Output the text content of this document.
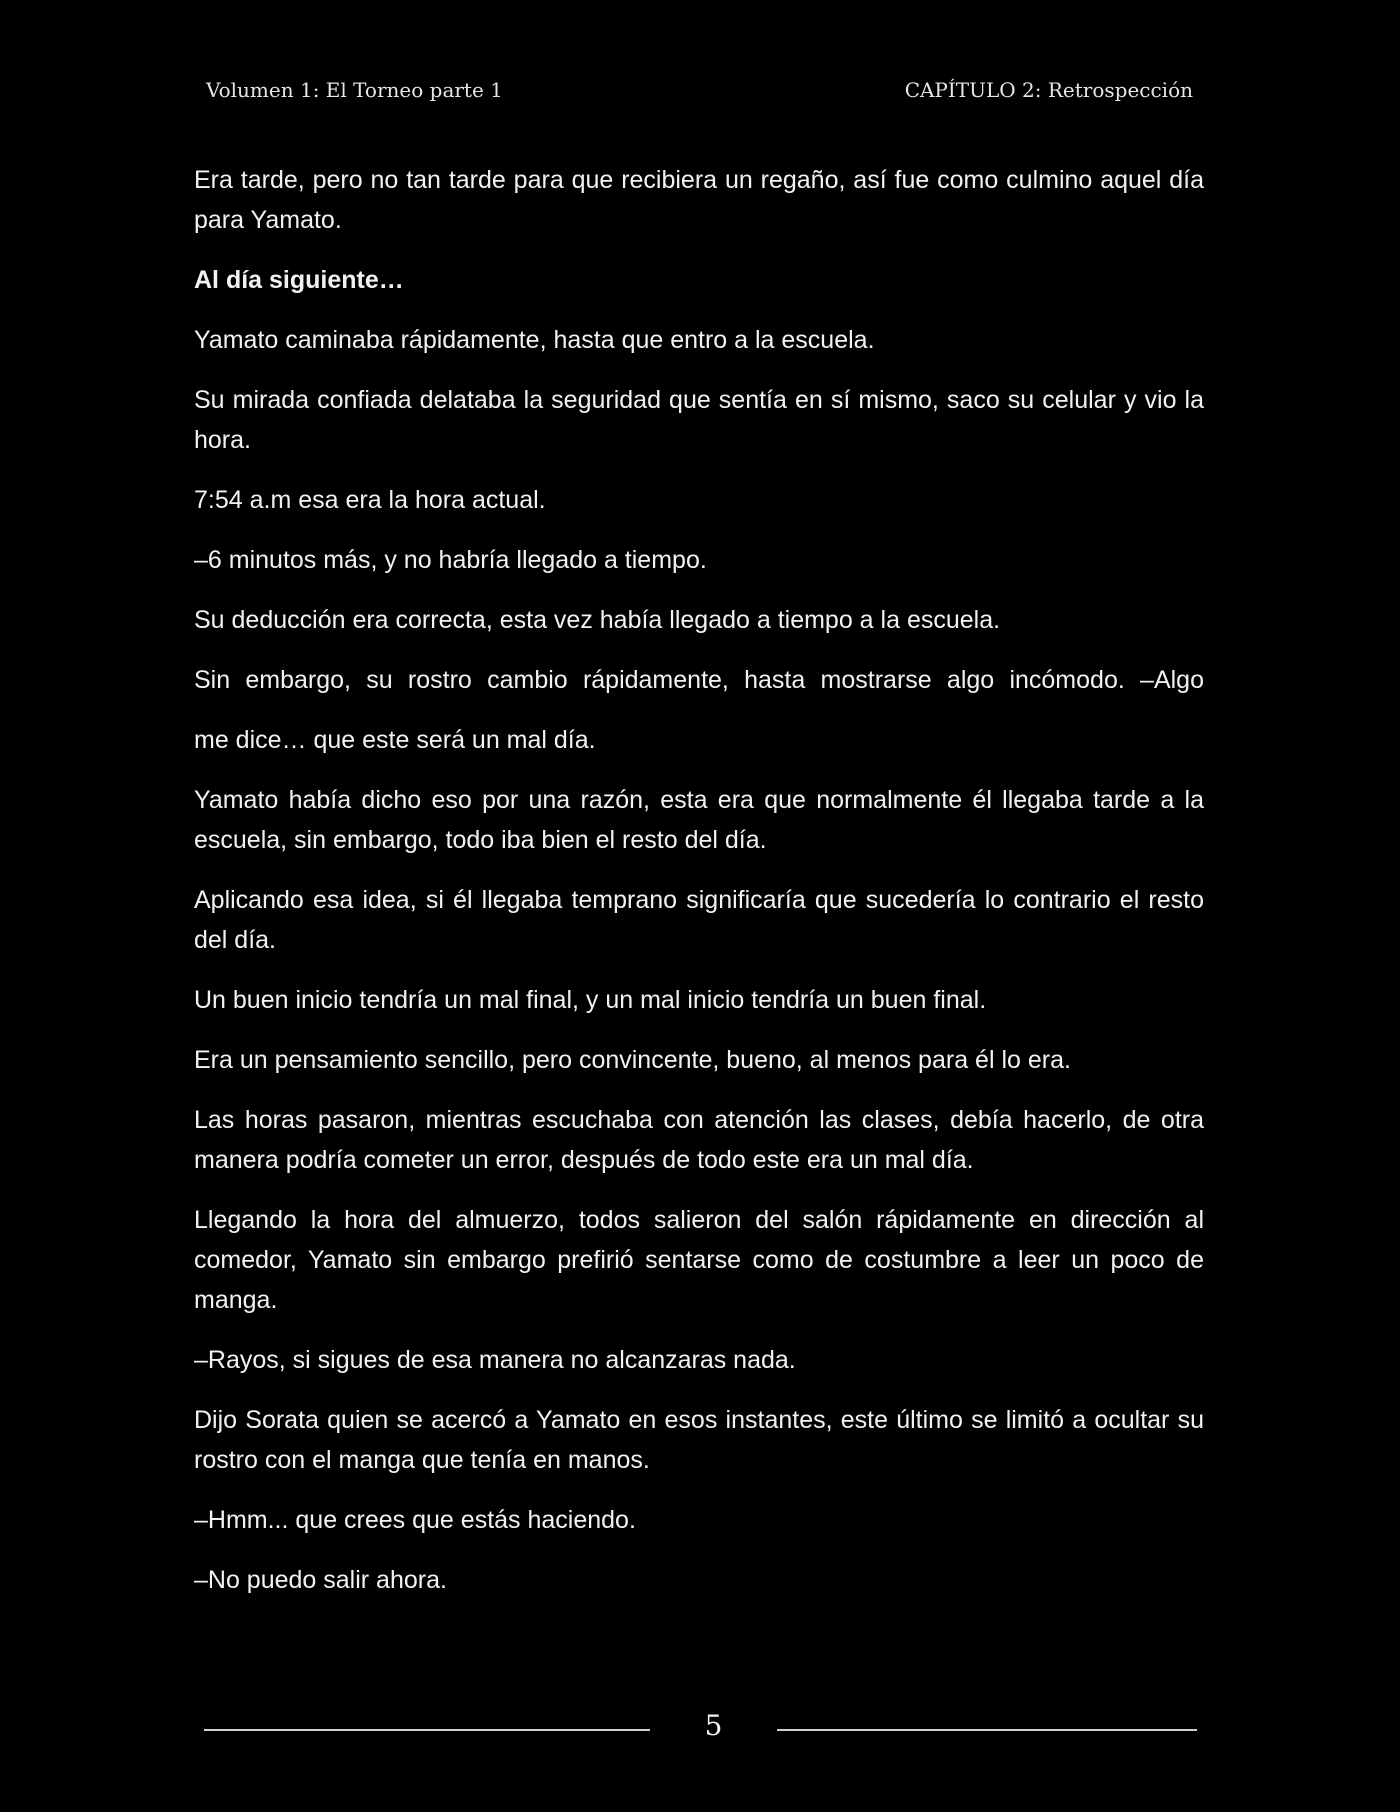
Volumen 1: El Torneo parte 1	CAPÍTULO 2: Retrospección

Era tarde, pero no tan tarde para que recibiera un regaño, así fue como culmino aquel día para Yamato.

Al día siguiente…

Yamato caminaba rápidamente, hasta que entro a la escuela.

Su mirada confiada delataba la seguridad que sentía en sí mismo, saco su celular y vio la hora.

7:54 a.m esa era la hora actual.

–6 minutos más, y no habría llegado a tiempo.

Su deducción era correcta, esta vez había llegado a tiempo a la escuela.

Sin embargo, su rostro cambio rápidamente, hasta mostrarse algo incómodo. –Algo

me dice… que este será un mal día.

Yamato había dicho eso por una razón, esta era que normalmente él llegaba tarde a la escuela, sin embargo, todo iba bien el resto del día.

Aplicando esa idea, si él llegaba temprano significaría que sucedería lo contrario el resto del día.

Un buen inicio tendría un mal final, y un mal inicio tendría un buen final.

Era un pensamiento sencillo, pero convincente, bueno, al menos para él lo era.

Las horas pasaron, mientras escuchaba con atención las clases, debía hacerlo, de otra manera podría cometer un error, después de todo este era un mal día.

Llegando la hora del almuerzo, todos salieron del salón rápidamente en dirección al comedor, Yamato sin embargo prefirió sentarse como de costumbre a leer un poco de manga.

–Rayos, si sigues de esa manera no alcanzaras nada.

Dijo Sorata quien se acercó a Yamato en esos instantes, este último se limitó a ocultar su rostro con el manga que tenía en manos.

–Hmm... que crees que estás haciendo.

–No puedo salir ahora.

5
